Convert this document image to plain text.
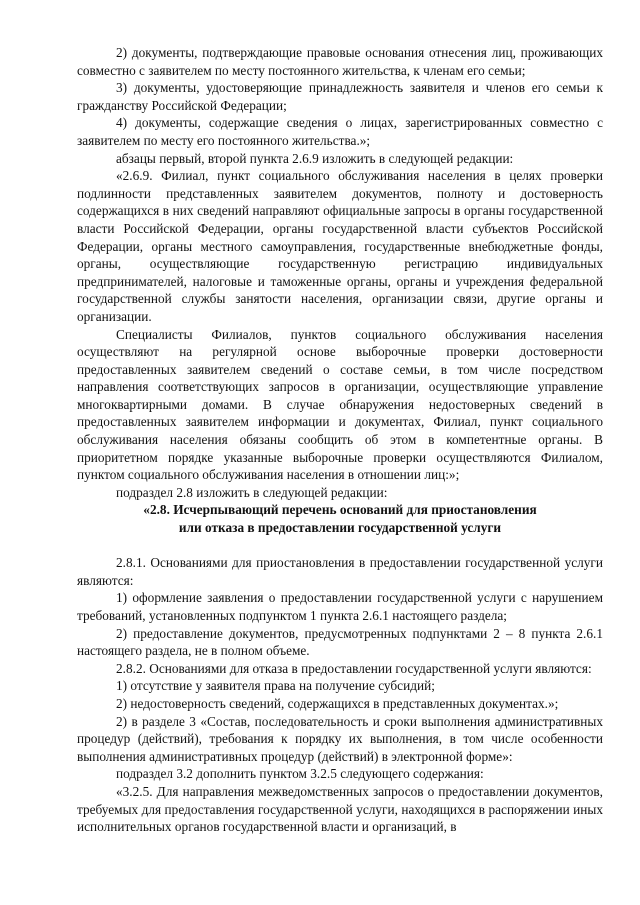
2) документы, подтверждающие правовые основания отнесения лиц, проживающих совместно с заявителем по месту постоянного жительства, к членам его семьи;

3) документы, удостоверяющие принадлежность заявителя и членов его семьи к гражданству Российской Федерации;

4) документы, содержащие сведения о лицах, зарегистрированных совместно с заявителем по месту его постоянного жительства.»;

абзацы первый, второй пункта 2.6.9 изложить в следующей редакции:

«2.6.9. Филиал, пункт социального обслуживания населения в целях проверки подлинности представленных заявителем документов, полноту и достоверность содержащихся в них сведений направляют официальные запросы в органы государственной власти Российской Федерации, органы государственной власти субъектов Российской Федерации, органы местного самоуправления, государственные внебюджетные фонды, органы, осуществляющие государственную регистрацию индивидуальных предпринимателей, налоговые и таможенные органы, органы и учреждения федеральной государственной службы занятости населения, организации связи, другие органы и организации.

Специалисты Филиалов, пунктов социального обслуживания населения осуществляют на регулярной основе выборочные проверки достоверности предоставленных заявителем сведений о составе семьи, в том числе посредством направления соответствующих запросов в организации, осуществляющие управление многоквартирными домами. В случае обнаружения недостоверных сведений в предоставленных заявителем информации и документах, Филиал, пункт социального обслуживания населения обязаны сообщить об этом в компетентные органы. В приоритетном порядке указанные выборочные проверки осуществляются Филиалом, пунктом социального обслуживания населения в отношении лиц:»;

подраздел 2.8 изложить в следующей редакции:

«2.8. Исчерпывающий перечень оснований для приостановления
или отказа в предоставлении государственной услуги

2.8.1. Основаниями для приостановления в предоставлении государственной услуги являются:

1) оформление заявления о предоставлении государственной услуги с нарушением требований, установленных подпунктом 1 пункта 2.6.1 настоящего раздела;

2) предоставление документов, предусмотренных подпунктами 2 – 8 пункта 2.6.1 настоящего раздела, не в полном объеме.

2.8.2. Основаниями для отказа в предоставлении государственной услуги являются:

1) отсутствие у заявителя права на получение субсидий;

2) недостоверность сведений, содержащихся в представленных документах.»;

2) в разделе 3 «Состав, последовательность и сроки выполнения административных процедур (действий), требования к порядку их выполнения, в том числе особенности выполнения административных процедур (действий) в электронной форме»:

подраздел 3.2 дополнить пунктом 3.2.5 следующего содержания:

«3.2.5. Для направления межведомственных запросов о предоставлении документов, требуемых для предоставления государственной услуги, находящихся в распоряжении иных исполнительных органов государственной власти и организаций, в
